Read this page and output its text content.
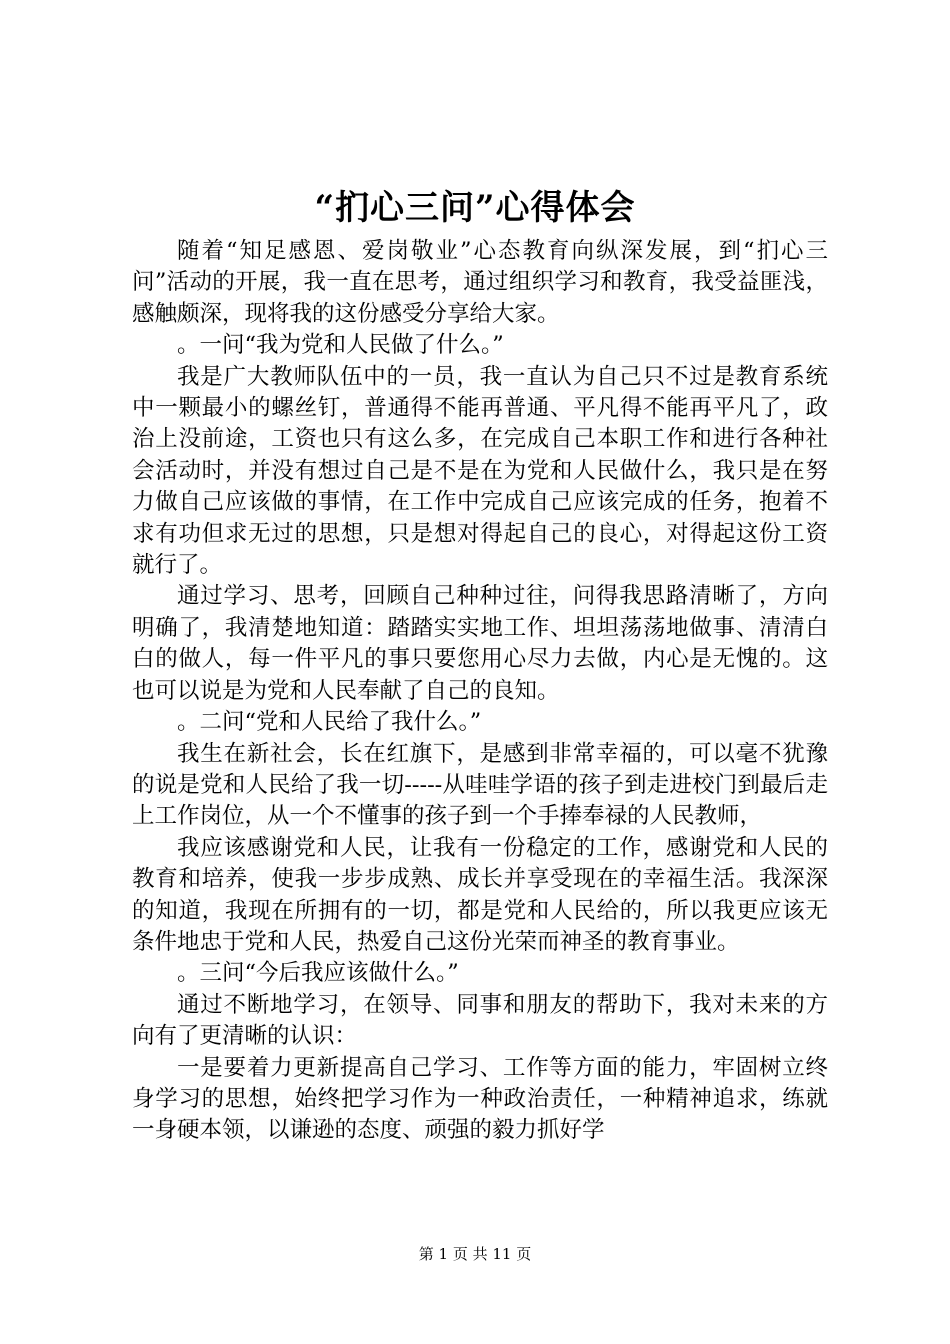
“扪心三问”心得体会

随着“知足感恩、爱岗敬业”心态教育向纵深发展，到“扪心三问”活动的开展，我一直在思考，通过组织学习和教育，我受益匪浅，感触颇深，现将我的这份感受分享给大家。

。一问“我为党和人民做了什么。”

我是广大教师队伍中的一员，我一直认为自己只不过是教育系统中一颗最小的螺丝钉，普通得不能再普通、平凡得不能再平凡了，政治上没前途，工资也只有这么多，在完成自己本职工作和进行各种社会活动时，并没有想过自己是不是在为党和人民做什么，我只是在努力做自己应该做的事情，在工作中完成自己应该完成的任务，抱着不求有功但求无过的思想，只是想对得起自己的良心，对得起这份工资就行了。

通过学习、思考，回顾自己种种过往，问得我思路清晰了，方向明确了，我清楚地知道：踏踏实实地工作、坦坦荡荡地做事、清清白白的做人，每一件平凡的事只要您用心尽力去做，内心是无愧的。这也可以说是为党和人民奉献了自己的良知。

。二问“党和人民给了我什么。”

我生在新社会，长在红旗下，是感到非常幸福的，可以毫不犹豫的说是党和人民给了我一切-----从哇哇学语的孩子到走进校门到最后走上工作岗位，从一个不懂事的孩子到一个手捧奉禄的人民教师，

我应该感谢党和人民，让我有一份稳定的工作，感谢党和人民的教育和培养，使我一步步成熟、成长并享受现在的幸福生活。我深深的知道，我现在所拥有的一切，都是党和人民给的，所以我更应该无条件地忠于党和人民，热爱自己这份光荣而神圣的教育事业。

。三问“今后我应该做什么。”

通过不断地学习，在领导、同事和朋友的帮助下，我对未来的方向有了更清晰的认识：

一是要着力更新提高自己学习、工作等方面的能力，牢固树立终身学习的思想，始终把学习作为一种政治责任，一种精神追求，练就一身硬本领，以谦逊的态度、顽强的毅力抓好学

第 1 页 共 11 页
